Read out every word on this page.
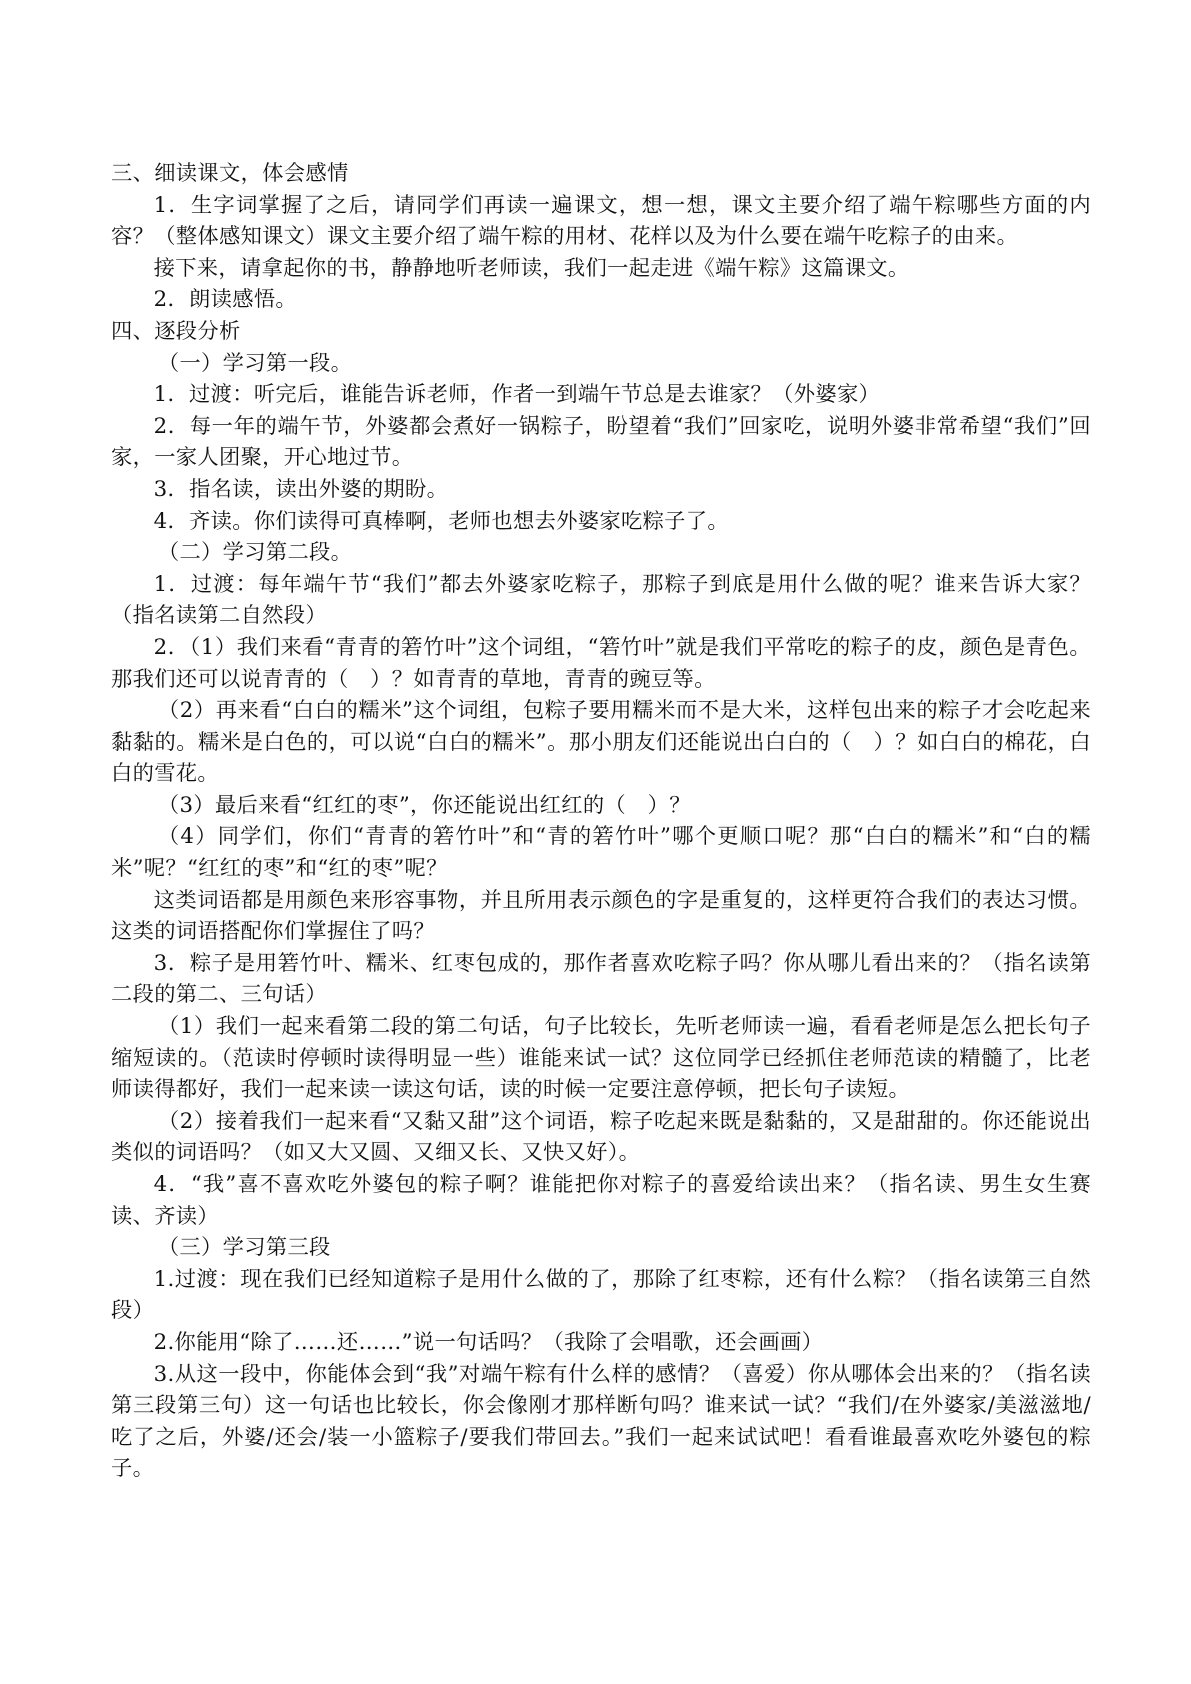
三、细读课文，体会感情

1．生字词掌握了之后，请同学们再读一遍课文，想一想，课文主要介绍了端午粽哪些方面的内容？（整体感知课文）课文主要介绍了端午粽的用材、花样以及为什么要在端午吃粽子的由来。

接下来，请拿起你的书，静静地听老师读，我们一起走进《端午粽》这篇课文。

2．朗读感悟。

四、逐段分析

（一）学习第一段。

1．过渡：听完后，谁能告诉老师，作者一到端午节总是去谁家？（外婆家）

2．每一年的端午节，外婆都会煮好一锅粽子，盼望着“我们”回家吃，说明外婆非常希望“我们”回家，一家人团聚，开心地过节。

3．指名读，读出外婆的期盼。

4．齐读。你们读得可真棒啊，老师也想去外婆家吃粽子了。

（二）学习第二段。

1．过渡：每年端午节“我们”都去外婆家吃粽子，那粽子到底是用什么做的呢？谁来告诉大家？（指名读第二自然段）

2．（1）我们来看“青青的箬竹叶”这个词组，“箬竹叶”就是我们平常吃的粽子的皮，颜色是青色。那我们还可以说青青的（　）？如青青的草地，青青的豌豆等。

（2）再来看“白白的糯米”这个词组，包粽子要用糯米而不是大米，这样包出来的粽子才会吃起来黏黏的。糯米是白色的，可以说“白白的糯米”。那小朋友们还能说出白白的（　）？如白白的棉花，白白的雪花。

（3）最后来看“红红的枣”，你还能说出红红的（　）？

（4）同学们，你们“青青的箬竹叶”和“青的箬竹叶”哪个更顺口呢？那“白白的糯米”和“白的糯米”呢？“红红的枣”和“红的枣”呢？

这类词语都是用颜色来形容事物，并且所用表示颜色的字是重复的，这样更符合我们的表达习惯。这类的词语搭配你们掌握住了吗？

3．粽子是用箬竹叶、糯米、红枣包成的，那作者喜欢吃粽子吗？你从哪儿看出来的？（指名读第二段的第二、三句话）

（1）我们一起来看第二段的第二句话，句子比较长，先听老师读一遍，看看老师是怎么把长句子缩短读的。（范读时停顿时读得明显一些）谁能来试一试？这位同学已经抓住老师范读的精髓了，比老师读得都好，我们一起来读一读这句话，读的时候一定要注意停顿，把长句子读短。

（2）接着我们一起来看“又黏又甜”这个词语，粽子吃起来既是黏黏的，又是甜甜的。你还能说出类似的词语吗？（如又大又圆、又细又长、又快又好）。

4．“我”喜不喜欢吃外婆包的粽子啊？谁能把你对粽子的喜爱给读出来？（指名读、男生女生赛读、齐读）

（三）学习第三段

1.过渡：现在我们已经知道粽子是用什么做的了，那除了红枣粽，还有什么粽？（指名读第三自然段）

2.你能用“除了……还……”说一句话吗？（我除了会唱歌，还会画画）

3.从这一段中，你能体会到“我”对端午粽有什么样的感情？（喜爱）你从哪体会出来的？（指名读第三段第三句）这一句话也比较长，你会像刚才那样断句吗？谁来试一试？“我们/在外婆家/美滋滋地/吃了之后，外婆/还会/装一小篮粽子/要我们带回去。”我们一起来试试吧！看看谁最喜欢吃外婆包的粽子。
